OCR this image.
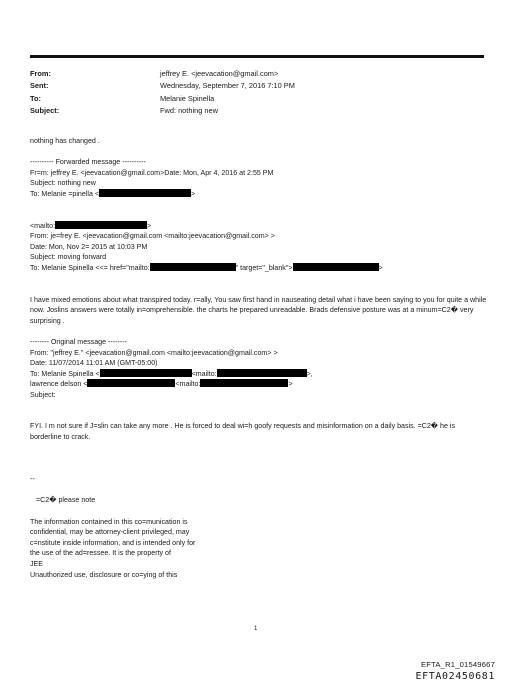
From:	jeffrey E. <jeevacation@gmail.com>
Sent:	Wednesday, September 7, 2016 7:10 PM
To:	Melanie Spinella
Subject:	Fwd: nothing new
nothing has changed .
---------- Forwarded message ----------
Fr=m: jeffrey E. <jeevacation@gmail.com>Date: Mon, Apr 4, 2016 at 2:55 PM
Subject: nothing new
To: Melanie =pinella <	>
<mailto:	>
From: je=frey E. <jeevacation@gmail.com <mailto:jeevacation@gmail.com> >
Date: Mon, Nov 2= 2015 at 10:03 PM
Subject: moving forward
To: Melanie Spinella <<= href="mailto:	" target="_blank">	>
I have mixed emotions about what transpired today. r=ally, You saw first hand in nauseating detail what i have been saying to you for quite a while now. Joslins answers were totally in=omprehensible. the charts he prepared unreadable. Brads defensive posture was at a minum=C2� very surprising .
-------- Original message --------
From: "jeffrey E." <jeevacation@gmail.com <mailto:jeevacation@gmail.com> >
Date: 11/07/2014 11:01 AM (GMT-05:00)
To: Melanie Spinella <	<mailto:	>,
lawrence delson <	<mailto:	>
Subject:
FYI. I m not sure if J=slin can take any more . He is forced to deal wi=h goofy requests and misinformation on a daily basis. =C2� he is borderline to crack.
--
=C2� please note
The information contained in this co=munication is
confidential, may be attorney-client privileged, may
c=nstitute inside information, and is intended only for
the use of the ad=ressee. It is the property of
JEE
Unauthorized use, disclosure or co=ying of this
1
EFTA_R1_01549667
EFTA02450681
